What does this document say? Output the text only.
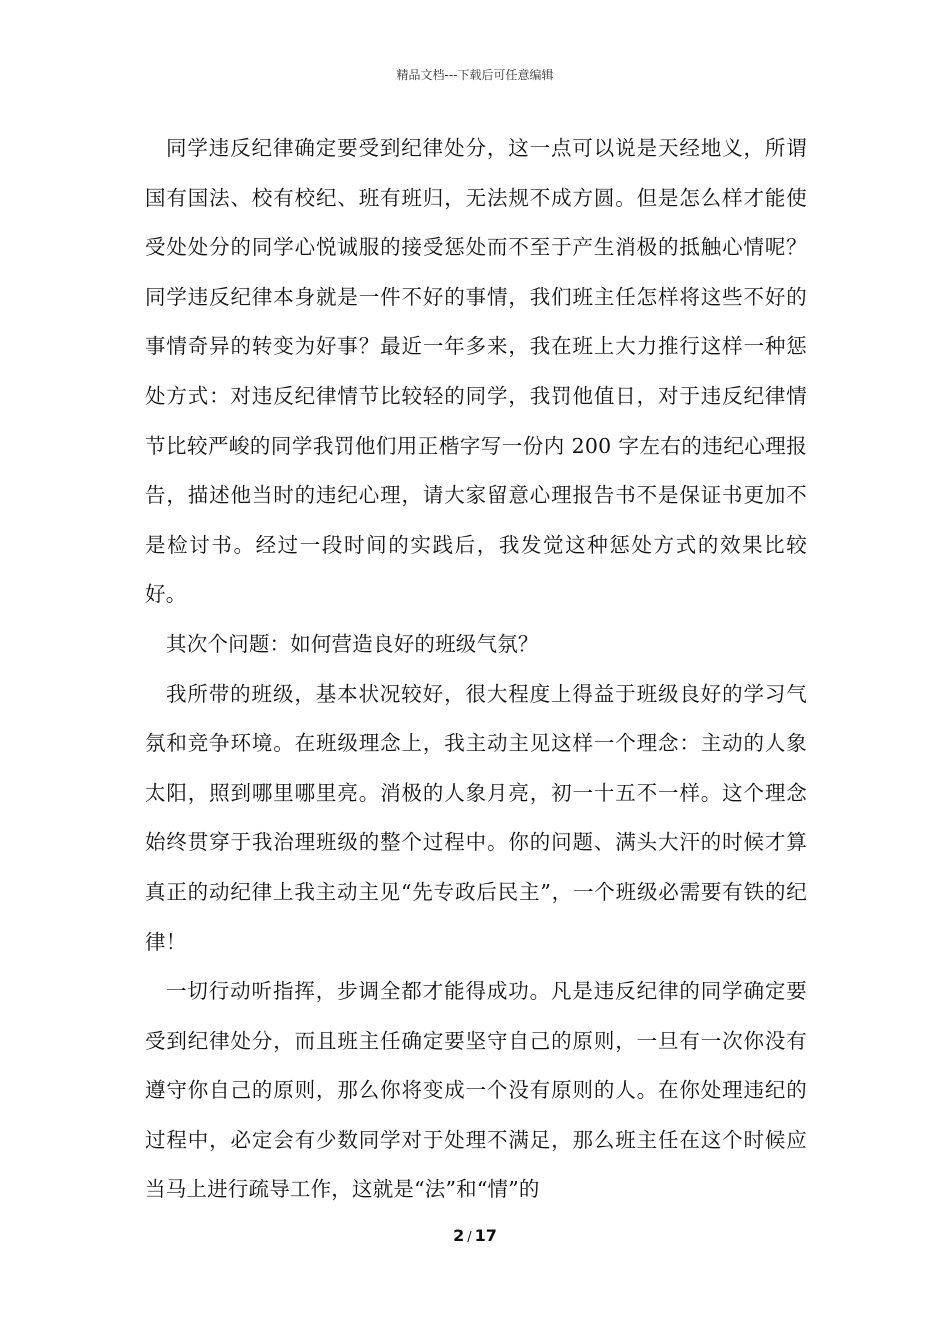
精品文档---下载后可任意编辑

同学违反纪律确定要受到纪律处分，这一点可以说是天经地义，所谓国有国法、校有校纪、班有班归，无法规不成方圆。但是怎么样才能使受处处分的同学心悦诚服的接受惩处而不至于产生消极的抵触心情呢？同学违反纪律本身就是一件不好的事情，我们班主任怎样将这些不好的事情奇异的转变为好事？最近一年多来，我在班上大力推行这样一种惩处方式：对违反纪律情节比较轻的同学，我罚他值日，对于违反纪律情节比较严峻的同学我罚他们用正楷字写一份内 200 字左右的违纪心理报告，描述他当时的违纪心理，请大家留意心理报告书不是保证书更加不是检讨书。经过一段时间的实践后，我发觉这种惩处方式的效果比较好。

其次个问题：如何营造良好的班级气氛？

我所带的班级，基本状况较好，很大程度上得益于班级良好的学习气氛和竞争环境。在班级理念上，我主动主见这样一个理念：主动的人象太阳，照到哪里哪里亮。消极的人象月亮，初一十五不一样。这个理念始终贯穿于我治理班级的整个过程中。你的问题、满头大汗的时候才算真正的动纪律上我主动主见“先专政后民主”，一个班级必需要有铁的纪律！

一切行动听指挥，步调全都才能得成功。凡是违反纪律的同学确定要受到纪律处分，而且班主任确定要坚守自己的原则，一旦有一次你没有遵守你自己的原则，那么你将变成一个没有原则的人。在你处理违纪的过程中，必定会有少数同学对于处理不满足，那么班主任在这个时候应当马上进行疏导工作，这就是“法”和“情”的

2 / 17
